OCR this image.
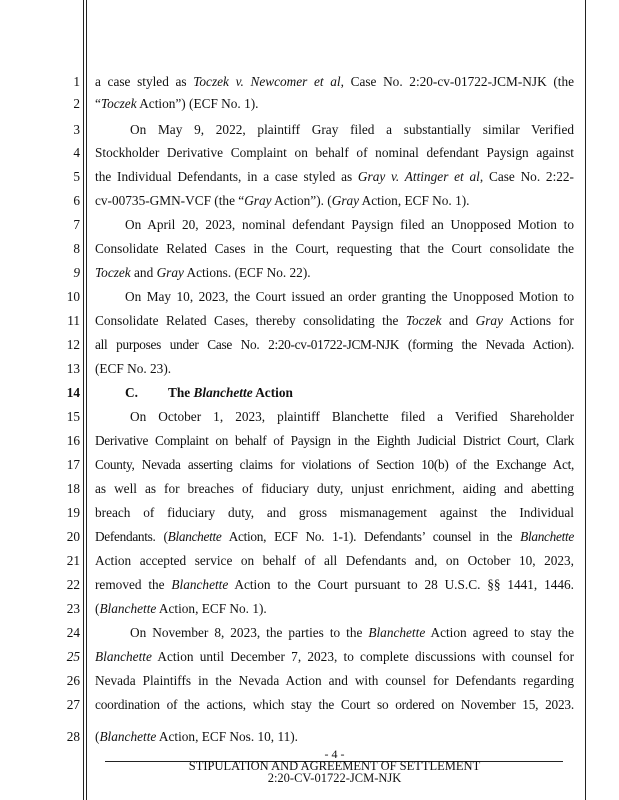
1
2
3
4
5
6
7
8
9
10
11
12
13
14
15
16
17
18
19
20
21
22
23
24
25
26
27
28
a case styled as Toczek v. Newcomer et al, Case No. 2:20-cv-01722-JCM-NJK (the
“Toczek Action”) (ECF No. 1).
On May 9, 2022, plaintiff Gray filed a substantially similar Verified
Stockholder Derivative Complaint on behalf of nominal defendant Paysign against
the Individual Defendants, in a case styled as Gray v. Attinger et al, Case No. 2:22-
cv-00735-GMN-VCF (the “Gray Action”). (Gray Action, ECF No. 1).
On April 20, 2023, nominal defendant Paysign filed an Unopposed Motion to
Consolidate Related Cases in the Court, requesting that the Court consolidate the
Toczek and Gray Actions. (ECF No. 22).
On May 10, 2023, the Court issued an order granting the Unopposed Motion to
Consolidate Related Cases, thereby consolidating the Toczek and Gray Actions for
all purposes under Case No. 2:20-cv-01722-JCM-NJK (forming the Nevada Action).
(ECF No. 23).
C. The Blanchette Action
On October 1, 2023, plaintiff Blanchette filed a Verified Shareholder
Derivative Complaint on behalf of Paysign in the Eighth Judicial District Court, Clark
County, Nevada asserting claims for violations of Section 10(b) of the Exchange Act,
as well as for breaches of fiduciary duty, unjust enrichment, aiding and abetting
breach of fiduciary duty, and gross mismanagement against the Individual
Defendants. (Blanchette Action, ECF No. 1-1). Defendants’ counsel in the Blanchette
Action accepted service on behalf of all Defendants and, on October 10, 2023,
removed the Blanchette Action to the Court pursuant to 28 U.S.C. §§ 1441, 1446.
(Blanchette Action, ECF No. 1).
On November 8, 2023, the parties to the Blanchette Action agreed to stay the
Blanchette Action until December 7, 2023, to complete discussions with counsel for
Nevada Plaintiffs in the Nevada Action and with counsel for Defendants regarding
coordination of the actions, which stay the Court so ordered on November 15, 2023.
(Blanchette Action, ECF Nos. 10, 11).
- 4 -
STIPULATION AND AGREEMENT OF SETTLEMENT
2:20-CV-01722-JCM-NJK
